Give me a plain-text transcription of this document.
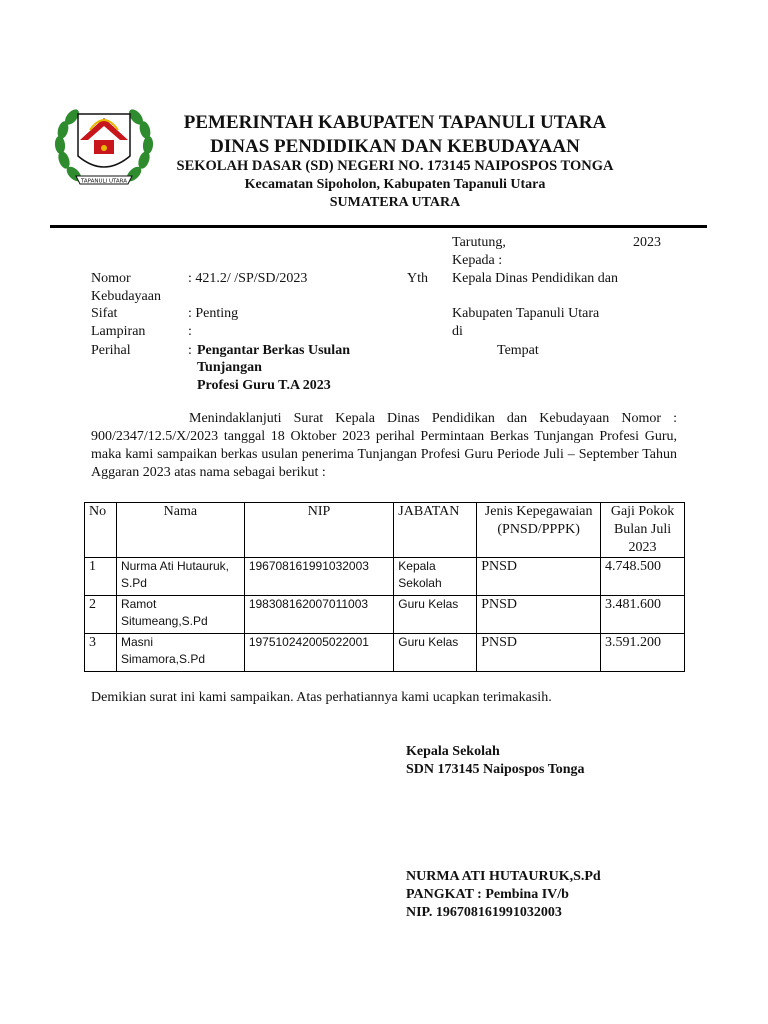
TAPANULI UTARA
PEMERINTAH KABUPATEN TAPANULI UTARA
DINAS PENDIDIKAN DAN KEBUDAYAAN
SEKOLAH DASAR (SD) NEGERI NO. 173145 NAIPOSPOS TONGA
Kecamatan Sipoholon, Kabupaten Tapanuli Utara
SUMATERA UTARA
Tarutung,	2023
Kepada :
Yth Kepala Dinas Pendidikan dan
Kabupaten Tapanuli Utara
di
Tempat
Nomor	: 421.2/ /SP/SD/2023
Kebudayaan
Sifat	: Penting
Lampiran	:
Perihal	: Pengantar Berkas Usulan
Tunjangan
Profesi Guru T.A 2023
Menindaklanjuti Surat Kepala Dinas Pendidikan dan Kebudayaan Nomor : 900/2347/12.5/X/2023 tanggal 18 Oktober 2023 perihal Permintaan Berkas Tunjangan Profesi Guru, maka kami sampaikan berkas usulan penerima Tunjangan Profesi Guru Periode Juli – September Tahun Aggaran 2023 atas nama sebagai berikut :
No	Nama	NIP	JABATAN	Jenis Kepegawaian (PNSD/PPPK)	Gaji Pokok Bulan Juli 2023
1	Nurma Ati Hutauruk, S.Pd	196708161991032003	Kepala Sekolah	PNSD	4.748.500
2	Ramot Situmeang,S.Pd	198308162007011003	Guru Kelas	PNSD	3.481.600
3	Masni Simamora,S.Pd	197510242005022001	Guru Kelas	PNSD	3.591.200
Demikian surat ini kami sampaikan. Atas perhatiannya kami ucapkan terimakasih.
Kepala Sekolah
SDN 173145 Naipospos Tonga
NURMA ATI HUTAURUK,S.Pd
PANGKAT : Pembina IV/b
NIP. 196708161991032003
